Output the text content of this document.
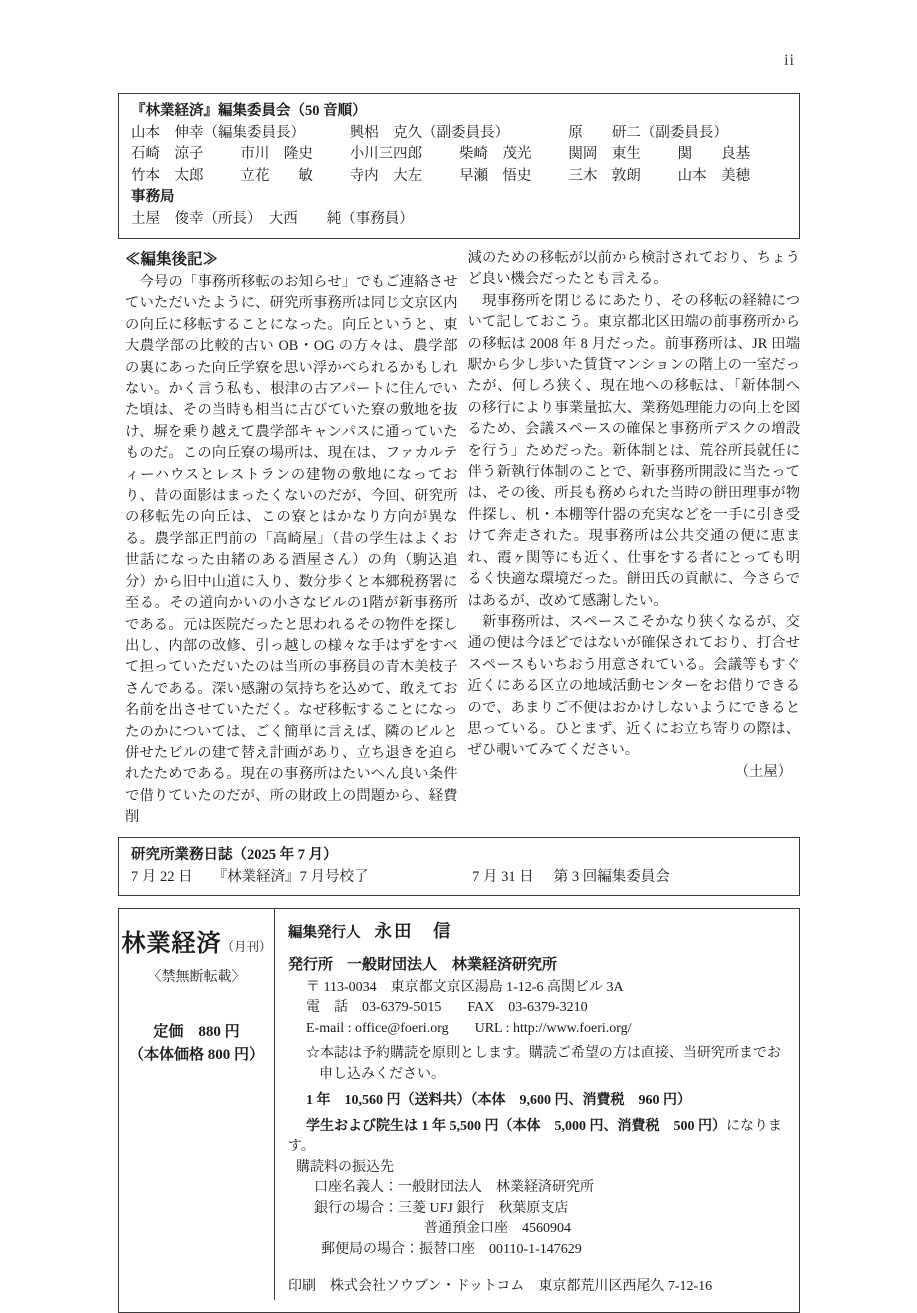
ii
『林業経済』編集委員会（50 音順）
山本　伸幸（編集委員長）	興梠　克久（副委員長）	原　　研二（副委員長）
石崎　涼子	市川　隆史	小川三四郎	柴崎　茂光	関岡　東生	関　　良基
竹本　太郎	立花　　敏	寺内　大左	早瀬　悟史	三木　敦朗	山本　美穂
事務局
土屋　俊幸（所長）　大西　　純（事務員）
≪編集後記≫

　今号の「事務所移転のお知らせ」でもご連絡させていただいたように、研究所事務所は同じ文京区内の向丘に移転することになった。向丘というと、東大農学部の比較的古い OB・OG の方々は、農学部の裏にあった向丘学寮を思い浮かべられるかもしれない。かく言う私も、根津の古アパートに住んでいた頃は、その当時も相当に古びていた寮の敷地を抜け、塀を乗り越えて農学部キャンパスに通っていたものだ。この向丘寮の場所は、現在は、ファカルティーハウスとレストランの建物の敷地になっており、昔の面影はまったくないのだが、今回、研究所の移転先の向丘は、この寮とはかなり方向が異なる。農学部正門前の「高崎屋」（昔の学生はよくお世話になった由緒のある酒屋さん）の角（駒込追分）から旧中山道に入り、数分歩くと本郷税務署に至る。その道向かいの小さなビルの1階が新事務所である。元は医院だったと思われるその物件を探し出し、内部の改修、引っ越しの様々な手はずをすべて担っていただいたのは当所の事務員の青木美枝子さんである。深い感謝の気持ちを込めて、敢えてお名前を出させていただく。なぜ移転することになったのかについては、ごく簡単に言えば、隣のビルと併せたビルの建て替え計画があり、立ち退きを迫られたためである。現在の事務所はたいへん良い条件で借りていたのだが、所の財政上の問題から、経費削

減のための移転が以前から検討されており、ちょうど良い機会だったとも言える。

　現事務所を閉じるにあたり、その移転の経緯について記しておこう。東京都北区田端の前事務所からの移転は 2008 年 8 月だった。前事務所は、JR 田端駅から少し歩いた賃貸マンションの階上の一室だったが、何しろ狭く、現在地への移転は、「新体制への移行により事業量拡大、業務処理能力の向上を図るため、会議スペースの確保と事務所デスクの増設を行う」ためだった。新体制とは、荒谷所長就任に伴う新執行体制のことで、新事務所開設に当たっては、その後、所長も務められた当時の餅田理事が物件探し、机・本棚等什器の充実などを一手に引き受けて奔走された。現事務所は公共交通の便に恵まれ、霞ヶ関等にも近く、仕事をする者にとっても明るく快適な環境だった。餅田氏の貢献に、今さらではあるが、改めて感謝したい。

　新事務所は、スペースこそかなり狭くなるが、交通の便は今ほどではないが確保されており、打合せスペースもいちおう用意されている。会議等もすぐ近くにある区立の地域活動センターをお借りできるので、あまりご不便はおかけしないようにできると思っている。ひとまず、近くにお立ち寄りの際は、ぜひ覗いてみてください。

（土屋）
研究所業務日誌（2025 年 7 月）
7 月 22 日 『林業経済』7 月号校了	7 月 31 日 第 3 回編集委員会
林業経済（月刊）
〈禁無断転載〉
定価　880 円
（本体価格 800 円）

編集発行人 永田　信

発行所 一般財団法人　林業経済研究所

〒 113-0034　東京都文京区湯島 1-12-6 高関ビル 3A

電　話　03-6379-5015 FAX　03-6379-3210

E-mail : office@foeri.org URL : http://www.foeri.org/

☆本誌は予約購読を原則とします。購読ご希望の方は直接、当研究所までお申し込みください。

1 年　10,560 円（送料共）（本体　9,600 円、消費税　960 円）

学生および院生は 1 年 5,500 円（本体　5,000 円、消費税　500 円）になります。

購読料の振込先

口座名義人：一般財団法人　林業経済研究所

銀行の場合：三菱 UFJ 銀行　秋葉原支店

普通預金口座　4560904

郵便局の場合：振替口座　00110-1-147629

印刷　株式会社ソウブン・ドットコム　東京都荒川区西尾久 7-12-16
